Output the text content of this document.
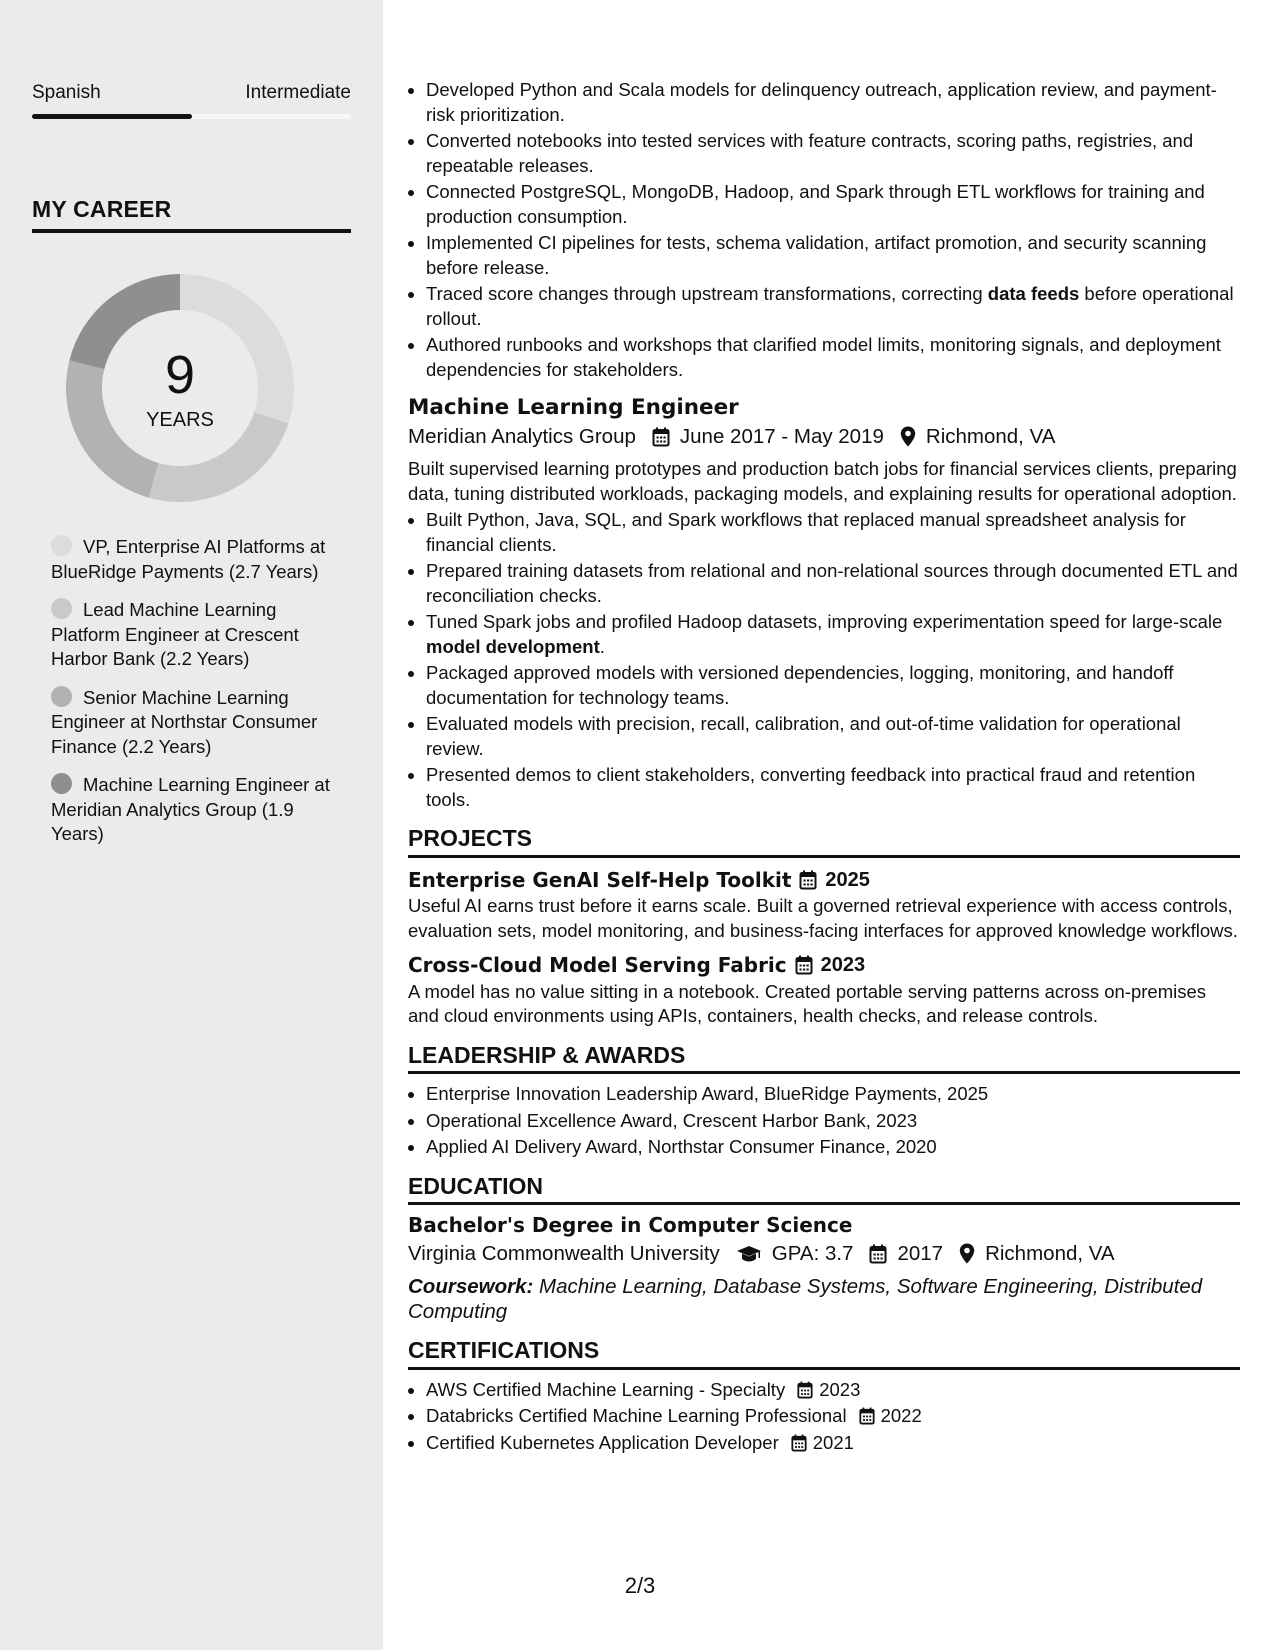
Spanish	Intermediate
MY CAREER
9
YEARS
VP, Enterprise AI Platforms at BlueRidge Payments (2.7 Years)
Lead Machine Learning Platform Engineer at Crescent Harbor Bank (2.2 Years)
Senior Machine Learning Engineer at Northstar Consumer Finance (2.2 Years)
Machine Learning Engineer at Meridian Analytics Group (1.9 Years)
• Developed Python and Scala models for delinquency outreach, application review, and payment-risk prioritization.
• Converted notebooks into tested services with feature contracts, scoring paths, registries, and repeatable releases.
• Connected PostgreSQL, MongoDB, Hadoop, and Spark through ETL workflows for training and production consumption.
• Implemented CI pipelines for tests, schema validation, artifact promotion, and security scanning before release.
• Traced score changes through upstream transformations, correcting data feeds before operational rollout.
• Authored runbooks and workshops that clarified model limits, monitoring signals, and deployment dependencies for stakeholders.
Machine Learning Engineer
Meridian Analytics Group June 2017 - May 2019 Richmond, VA
Built supervised learning prototypes and production batch jobs for financial services clients, preparing data, tuning distributed workloads, packaging models, and explaining results for operational adoption.
• Built Python, Java, SQL, and Spark workflows that replaced manual spreadsheet analysis for financial clients.
• Prepared training datasets from relational and non-relational sources through documented ETL and reconciliation checks.
• Tuned Spark jobs and profiled Hadoop datasets, improving experimentation speed for large-scale model development.
• Packaged approved models with versioned dependencies, logging, monitoring, and handoff documentation for technology teams.
• Evaluated models with precision, recall, calibration, and out-of-time validation for operational review.
• Presented demos to client stakeholders, converting feedback into practical fraud and retention tools.
PROJECTS
Enterprise GenAI Self-Help Toolkit 2025
Useful AI earns trust before it earns scale. Built a governed retrieval experience with access controls, evaluation sets, model monitoring, and business-facing interfaces for approved knowledge workflows.
Cross-Cloud Model Serving Fabric 2023
A model has no value sitting in a notebook. Created portable serving patterns across on-premises and cloud environments using APIs, containers, health checks, and release controls.
LEADERSHIP & AWARDS
• Enterprise Innovation Leadership Award, BlueRidge Payments, 2025
• Operational Excellence Award, Crescent Harbor Bank, 2023
• Applied AI Delivery Award, Northstar Consumer Finance, 2020
EDUCATION
Bachelor's Degree in Computer Science
Virginia Commonwealth University	GPA: 3.7 2017 Richmond, VA
Coursework: Machine Learning, Database Systems, Software Engineering, Distributed Computing
CERTIFICATIONS
• AWS Certified Machine Learning - Specialty 2023
• Databricks Certified Machine Learning Professional 2022
• Certified Kubernetes Application Developer 2021
2/3
